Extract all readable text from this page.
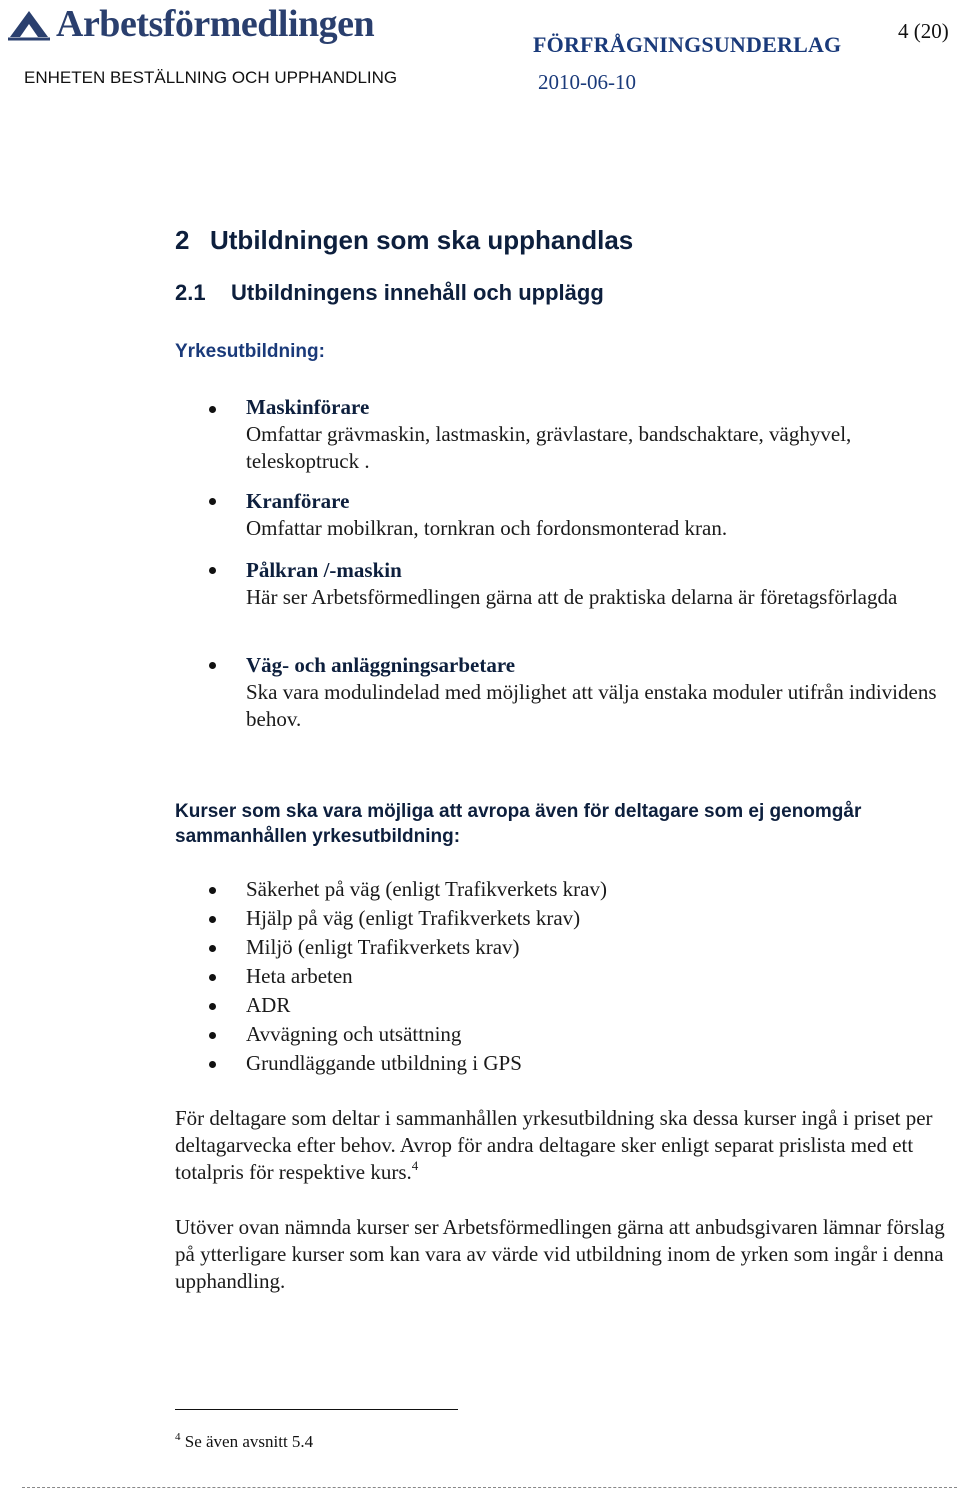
Arbetsförmedlingen
ENHETEN BESTÄLLNING OCH UPPHANDLING
FÖRFRÅGNINGSUNDERLAG
4 (20)
2010-06-10
2 Utbildningen som ska upphandlas
2.1 Utbildningens innehåll och upplägg
Yrkesutbildning:
Maskinförare
Omfattar grävmaskin, lastmaskin, grävlastare, bandschaktare, väghyvel, teleskoptruck .
Kranförare
Omfattar mobilkran, tornkran och fordonsmonterad kran.
Pålkran /-maskin
Här ser Arbetsförmedlingen gärna att de praktiska delarna är företagsförlagda
Väg- och anläggningsarbetare
Ska vara modulindelad med möjlighet att välja enstaka moduler utifrån individens behov.
Kurser som ska vara möjliga att avropa även för deltagare som ej genomgår sammanhållen yrkesutbildning:
Säkerhet på väg (enligt Trafikverkets krav)
Hjälp på väg (enligt Trafikverkets krav)
Miljö (enligt Trafikverkets krav)
Heta arbeten
ADR
Avvägning och utsättning
Grundläggande utbildning i GPS
För deltagare som deltar i sammanhållen yrkesutbildning ska dessa kurser ingå i priset per deltagarvecka efter behov. Avrop för andra deltagare sker enligt separat prislista med ett totalpris för respektive kurs.$^4$
Utöver ovan nämnda kurser ser Arbetsförmedlingen gärna att anbudsgivaren lämnar förslag på ytterligare kurser som kan vara av värde vid utbildning inom de yrken som ingår i denna upphandling.
$^4$ Se även avsnitt 5.4
